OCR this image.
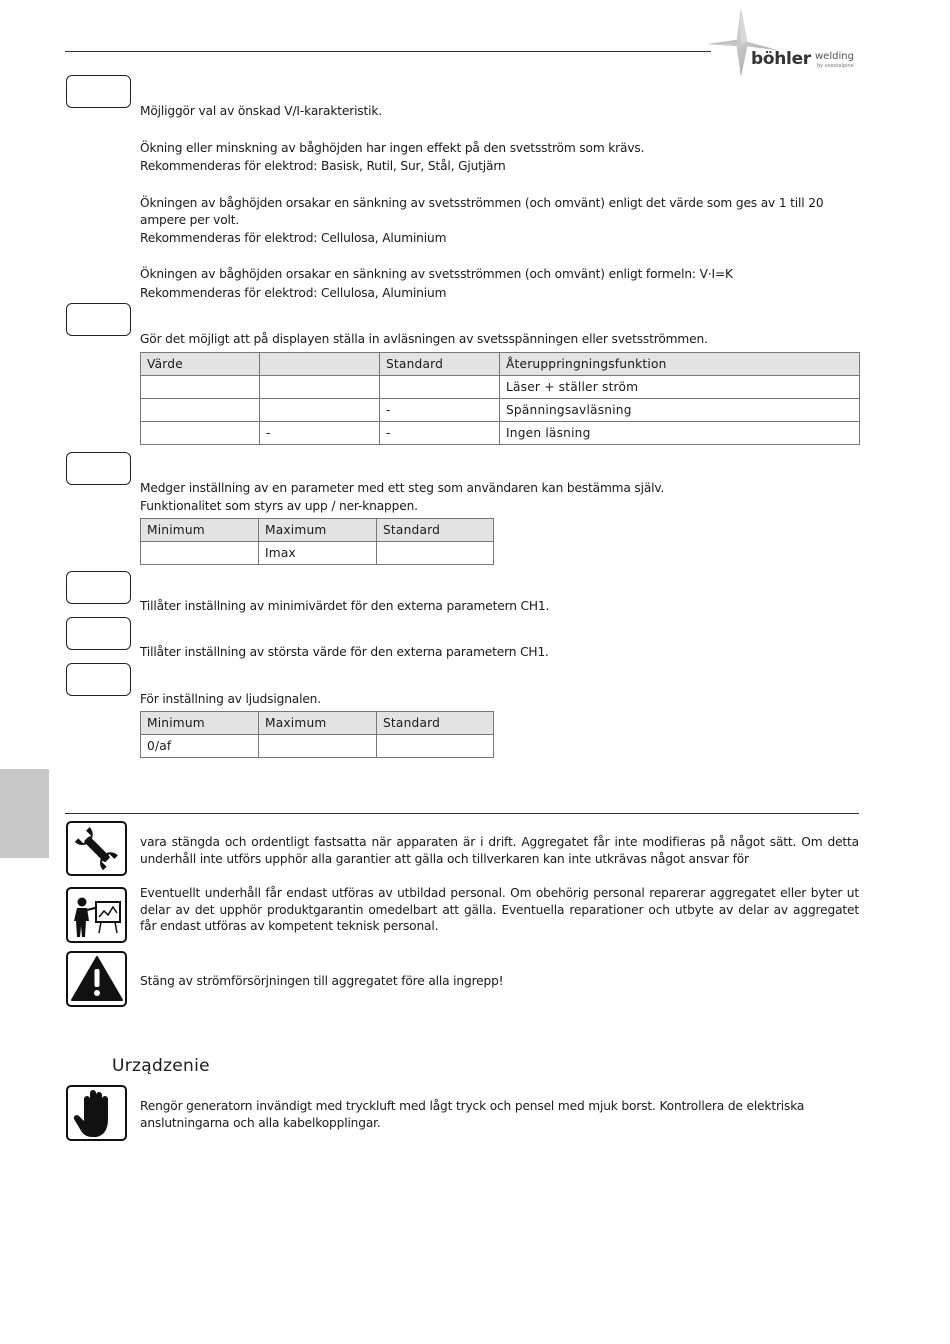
böhler welding
by voestalpine
Möjliggör val av önskad V/I-karakteristik.
Ökning eller minskning av båghöjden har ingen effekt på den svetsström som krävs.
Rekommenderas för elektrod: Basisk, Rutil, Sur, Stål, Gjutjärn
Ökningen av båghöjden orsakar en sänkning av svetsströmmen (och omvänt) enligt det värde som ges av 1 till 20 ampere per volt.
Rekommenderas för elektrod: Cellulosa, Aluminium
Ökningen av båghöjden orsakar en sänkning av svetsströmmen (och omvänt) enligt formeln: V·I=K
Rekommenderas för elektrod: Cellulosa, Aluminium
Gör det möjligt att på displayen ställa in avläsningen av svetsspänningen eller svetsströmmen.
Värde		Standard	Återuppringningsfunktion
			Läser + ställer ström
		-	Spänningsavläsning
	-	-	Ingen läsning
Medger inställning av en parameter med ett steg som användaren kan bestämma själv.
Funktionalitet som styrs av upp / ner-knappen.
Minimum	Maximum	Standard
	Imax	
Tillåter inställning av minimivärdet för den externa parametern CH1.
Tillåter inställning av största värde för den externa parametern CH1.
För inställning av ljudsignalen.
Minimum	Maximum	Standard
0/af		
vara stängda och ordentligt fastsatta när apparaten är i drift. Aggregatet får inte modifieras på något sätt. Om detta underhåll inte utförs upphör alla garantier att gälla och tillverkaren kan inte utkrävas något ansvar för
Eventuellt underhåll får endast utföras av utbildad personal. Om obehörig personal reparerar aggregatet eller byter ut delar av det upphör produktgarantin omedelbart att gälla. Eventuella reparationer och utbyte av delar av aggregatet får endast utföras av kompetent teknisk personal.
Stäng av strömförsörjningen till aggregatet före alla ingrepp!
Urządzenie
Rengör generatorn invändigt med tryckluft med lågt tryck och pensel med mjuk borst. Kontrollera de elektriska anslutningarna och alla kabelkopplingar.
